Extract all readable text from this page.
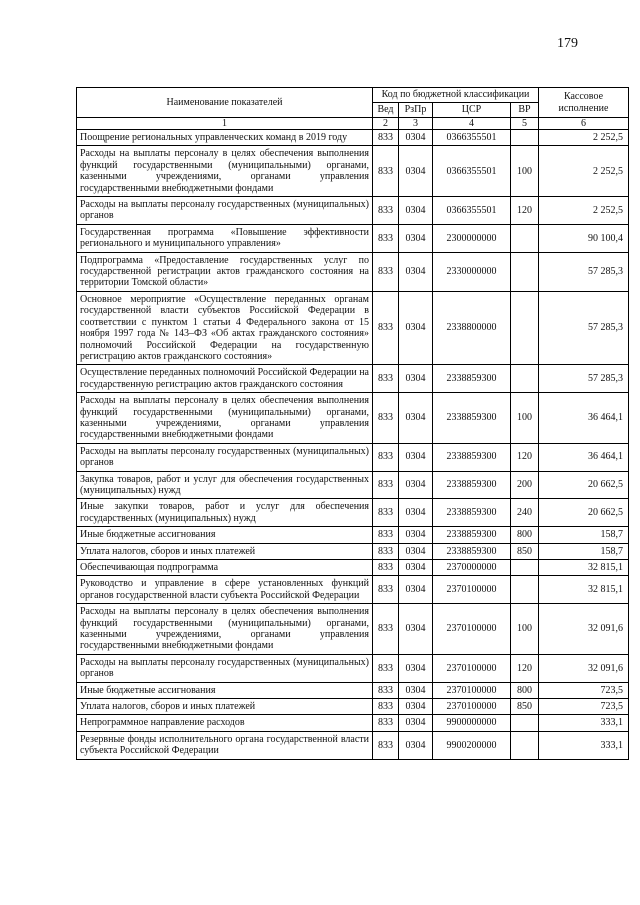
179
Наименование показателей	Код по бюджетной классификации				Кассовое исполнение
	Вед	РзПр	ЦСР	ВР	
1	2	3	4	5	6
Поощрение региональных управленческих команд в 2019 году	833	0304	0366355501		2 252,5
Расходы на выплаты персоналу в целях обеспечения выполнения функций государственными (муниципальными) органами, казенными учреждениями, органами управления государственными внебюджетными фондами	833	0304	0366355501	100	2 252,5
Расходы на выплаты персоналу государственных (муниципальных) органов	833	0304	0366355501	120	2 252,5
Государственная программа «Повышение эффективности регионального и муниципального управления»	833	0304	2300000000		90 100,4
Подпрограмма «Предоставление государственных услуг по государственной регистрации актов гражданского состояния на территории Томской области»	833	0304	2330000000		57 285,3
Основное мероприятие «Осуществление переданных органам государственной власти субъектов Российской Федерации в соответствии с пунктом 1 статьи 4 Федерального закона от 15 ноября 1997 года № 143–ФЗ «Об актах гражданского состояния» полномочий Российской Федерации на государственную регистрацию актов гражданского состояния»	833	0304	2338800000		57 285,3
Осуществление переданных полномочий Российской Федерации на государственную регистрацию актов гражданского состояния	833	0304	2338859300		57 285,3
Расходы на выплаты персоналу в целях обеспечения выполнения функций государственными (муниципальными) органами, казенными учреждениями, органами управления государственными внебюджетными фондами	833	0304	2338859300	100	36 464,1
Расходы на выплаты персоналу государственных (муниципальных) органов	833	0304	2338859300	120	36 464,1
Закупка товаров, работ и услуг для обеспечения государственных (муниципальных) нужд	833	0304	2338859300	200	20 662,5
Иные закупки товаров, работ и услуг для обеспечения государственных (муниципальных) нужд	833	0304	2338859300	240	20 662,5
Иные бюджетные ассигнования	833	0304	2338859300	800	158,7
Уплата налогов, сборов и иных платежей	833	0304	2338859300	850	158,7
Обеспечивающая подпрограмма	833	0304	2370000000		32 815,1
Руководство и управление в сфере установленных функций органов государственной власти субъекта Российской Федерации	833	0304	2370100000		32 815,1
Расходы на выплаты персоналу в целях обеспечения выполнения функций государственными (муниципальными) органами, казенными учреждениями, органами управления государственными внебюджетными фондами	833	0304	2370100000	100	32 091,6
Расходы на выплаты персоналу государственных (муниципальных) органов	833	0304	2370100000	120	32 091,6
Иные бюджетные ассигнования	833	0304	2370100000	800	723,5
Уплата налогов, сборов и иных платежей	833	0304	2370100000	850	723,5
Непрограммное направление расходов	833	0304	9900000000		333,1
Резервные фонды исполнительного органа государственной власти субъекта Российской Федерации	833	0304	9900200000		333,1
